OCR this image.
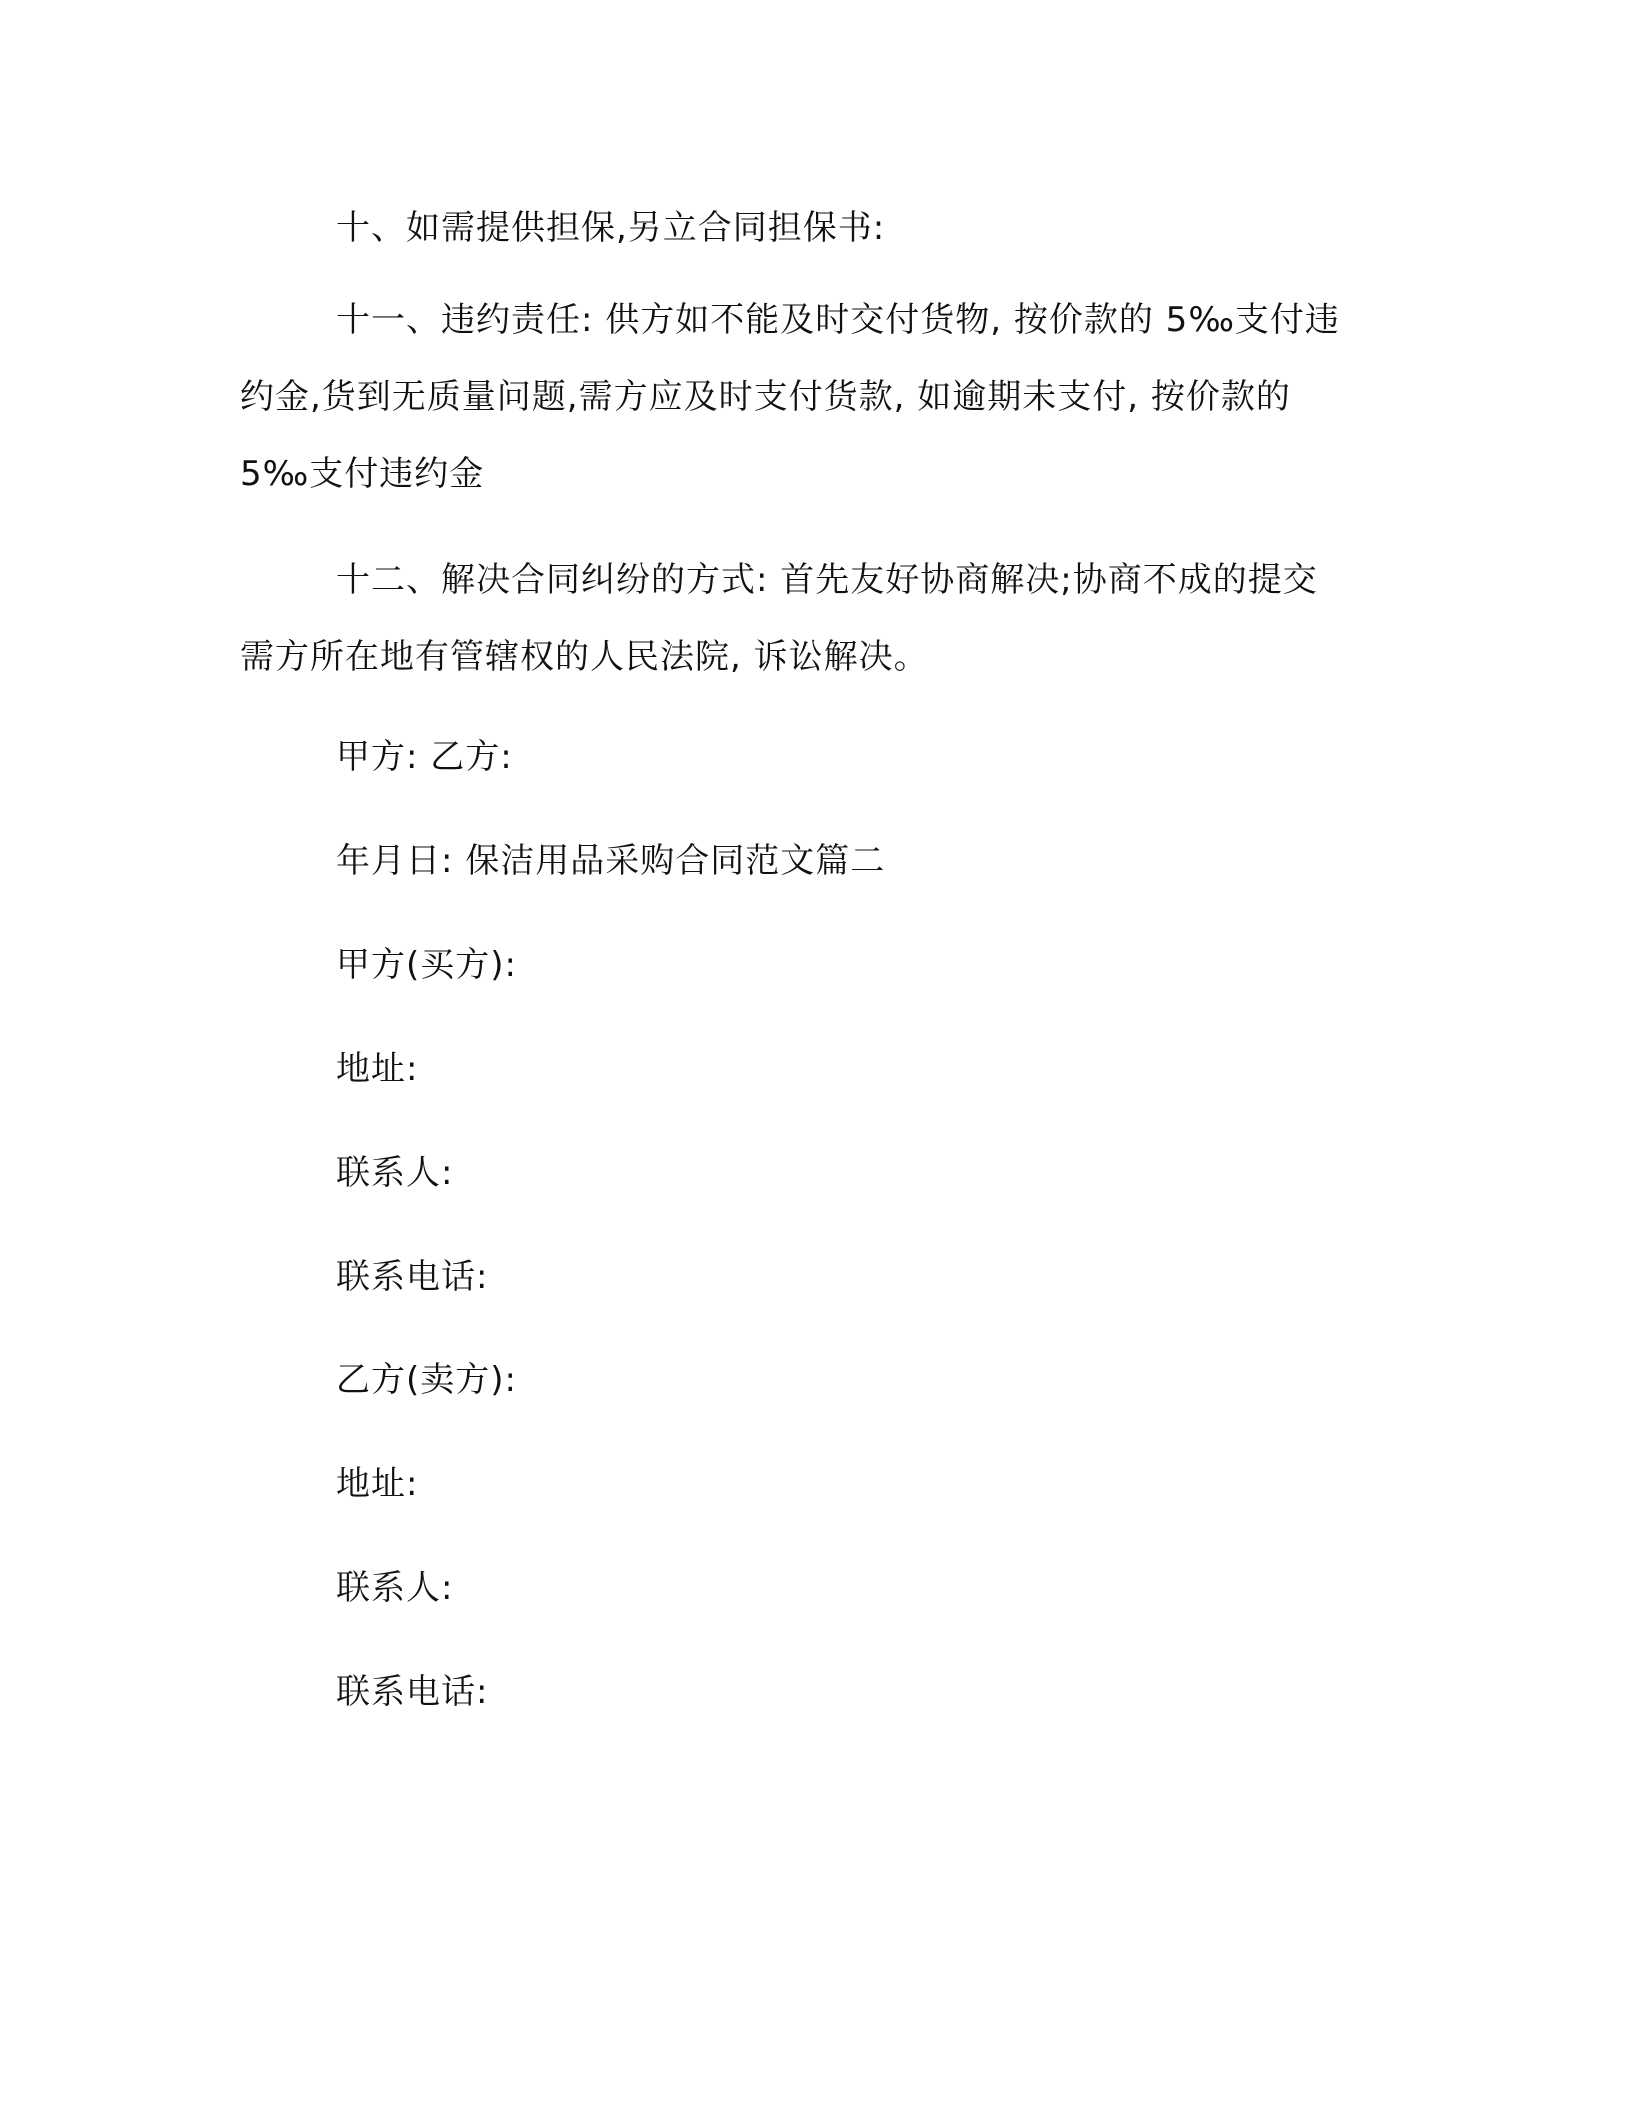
十、如需提供担保,另立合同担保书:

十一、违约责任: 供方如不能及时交付货物, 按价款的 5‰支付违
约金,货到无质量问题,需方应及时支付货款, 如逾期未支付, 按价款的
5‰支付违约金

十二、解决合同纠纷的方式: 首先友好协商解决;协商不成的提交
需方所在地有管辖权的人民法院, 诉讼解决。

甲方: 乙方:

年月日: 保洁用品采购合同范文篇二

甲方(买方):

地址:

联系人:

联系电话:

乙方(卖方):

地址:

联系人:

联系电话:
